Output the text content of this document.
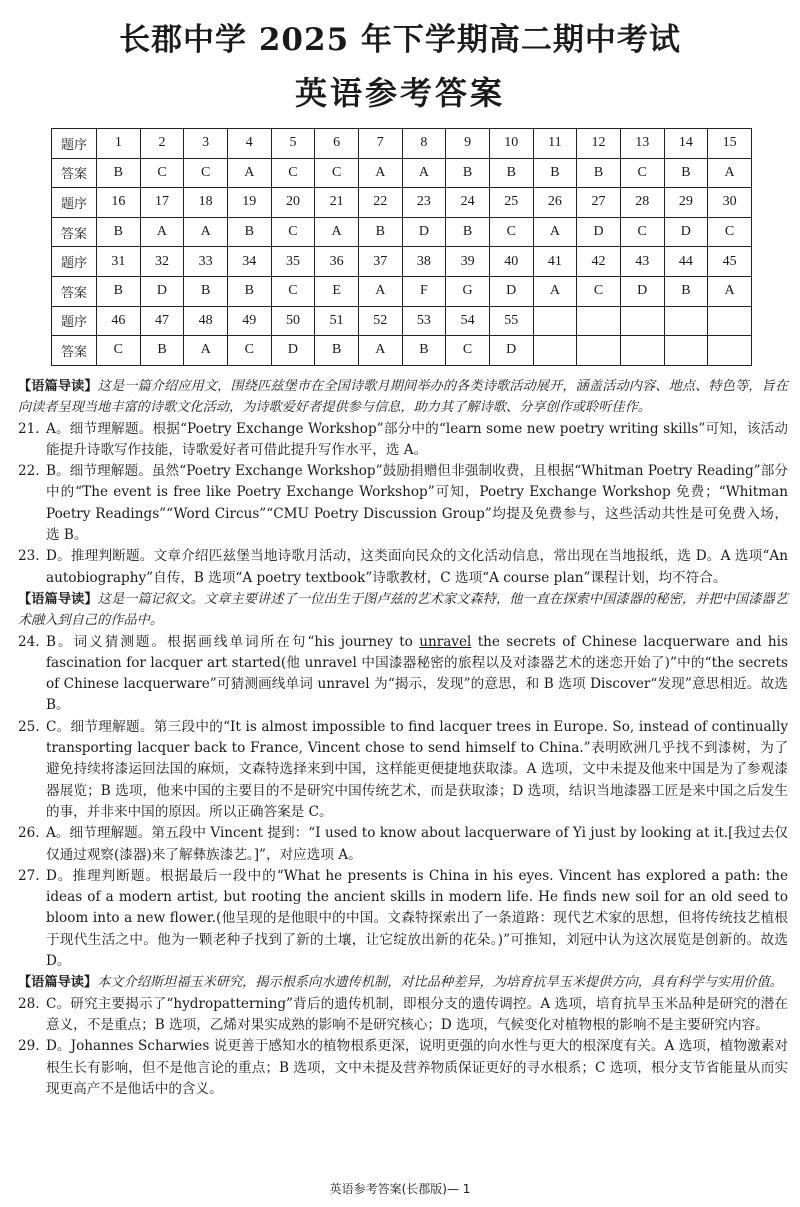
长郡中学 2025 年下学期高二期中考试
英语参考答案
题序	1	2	3	4	5	6	7	8	9	10	11	12	13	14	15
答案	B	C	C	A	C	C	A	A	B	B	B	B	C	B	A
题序	16	17	18	19	20	21	22	23	24	25	26	27	28	29	30
答案	B	A	A	B	C	A	B	D	B	C	A	D	C	D	C
题序	31	32	33	34	35	36	37	38	39	40	41	42	43	44	45
答案	B	D	B	B	C	E	A	F	G	D	A	C	D	B	A
题序	46	47	48	49	50	51	52	53	54	55					
答案	C	B	A	C	D	B	A	B	C	D					

【语篇导读】这是一篇介绍应用文，围绕匹兹堡市在全国诗歌月期间举办的各类诗歌活动展开，涵盖活动内容、地点、特色等，旨在向读者呈现当地丰富的诗歌文化活动，为诗歌爱好者提供参与信息，助力其了解诗歌、分享创作或聆听佳作。

21. A。细节理解题。根据“Poetry Exchange Workshop”部分中的“learn some new poetry writing skills”可知，该活动能提升诗歌写作技能，诗歌爱好者可借此提升写作水平，选 A。

22. B。细节理解题。虽然“Poetry Exchange Workshop”鼓励捐赠但非强制收费，且根据“Whitman Poetry Reading”部分中的“The event is free like Poetry Exchange Workshop”可知，Poetry Exchange Workshop 免费；“Whitman Poetry Readings”“Word Circus”“CMU Poetry Discussion Group”均提及免费参与，这些活动共性是可免费入场，选 B。

23. D。推理判断题。文章介绍匹兹堡当地诗歌月活动，这类面向民众的文化活动信息，常出现在当地报纸，选 D。A 选项“An autobiography”自传，B 选项“A poetry textbook”诗歌教材，C 选项“A course plan”课程计划，均不符合。

【语篇导读】这是一篇记叙文。文章主要讲述了一位出生于图卢兹的艺术家文森特，他一直在探索中国漆器的秘密，并把中国漆器艺术融入到自己的作品中。

24. B。词义猜测题。根据画线单词所在句“his journey to unravel the secrets of Chinese lacquerware and his fascination for lacquer art started(他 unravel 中国漆器秘密的旅程以及对漆器艺术的迷恋开始了)”中的“the secrets of Chinese lacquerware”可猜测画线单词 unravel 为“揭示，发现”的意思，和 B 选项 Discover“发现”意思相近。故选 B。

25. C。细节理解题。第三段中的“It is almost impossible to find lacquer trees in Europe. So, instead of continually transporting lacquer back to France, Vincent chose to send himself to China.”表明欧洲几乎找不到漆树，为了避免持续将漆运回法国的麻烦，文森特选择来到中国，这样能更便捷地获取漆。A 选项，文中未提及他来中国是为了参观漆器展览；B 选项，他来中国的主要目的不是研究中国传统艺术，而是获取漆；D 选项，结识当地漆器工匠是来中国之后发生的事，并非来中国的原因。所以正确答案是 C。

26. A。细节理解题。第五段中 Vincent 提到：“I used to know about lacquerware of Yi just by looking at it.[我过去仅仅通过观察(漆器)来了解彝族漆艺。]”，对应选项 A。

27. D。推理判断题。根据最后一段中的“What he presents is China in his eyes. Vincent has explored a path: the ideas of a modern artist, but rooting the ancient skills in modern life. He finds new soil for an old seed to bloom into a new flower.(他呈现的是他眼中的中国。文森特探索出了一条道路：现代艺术家的思想，但将传统技艺植根于现代生活之中。他为一颗老种子找到了新的土壤，让它绽放出新的花朵。)”可推知，刘冠中认为这次展览是创新的。故选 D。

【语篇导读】本文介绍斯坦福玉米研究，揭示根系向水遗传机制，对比品种差异，为培育抗旱玉米提供方向，具有科学与实用价值。

28. C。研究主要揭示了“hydropatterning”背后的遗传机制，即根分支的遗传调控。A 选项，培育抗旱玉米品种是研究的潜在意义，不是重点；B 选项，乙烯对果实成熟的影响不是研究核心；D 选项，气候变化对植物根的影响不是主要研究内容。

29. D。Johannes Scharwies 说更善于感知水的植物根系更深，说明更强的向水性与更大的根深度有关。A 选项，植物激素对根生长有影响，但不是他言论的重点；B 选项，文中未提及营养物质保证更好的寻水根系；C 选项，根分支节省能量从而实现更高产不是他话中的含义。

英语参考答案(长郡版)— 1
